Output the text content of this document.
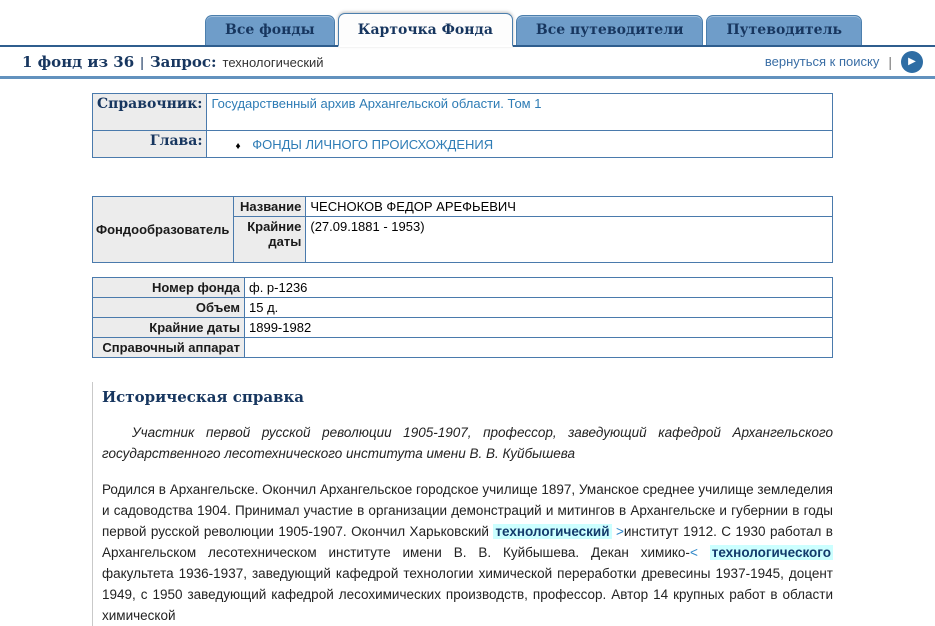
Все фонды	Карточка Фонда	Все путеводители	Путеводитель
1 фонд из 36 | Запрос: технологический	вернуться к поиску |	▶
Справочник:	Государственный архив Архангельской области. Том 1
Глава:	♦ ФОНДЫ ЛИЧНОГО ПРОИСХОЖДЕНИЯ
Фондообразователь	Название	ЧЕСНОКОВ ФЕДОР АРЕФЬЕВИЧ
	Крайние даты	(27.09.1881 - 1953)
Номер фонда	ф. р-1236
Объем	15 д.
Крайние даты	1899-1982
Справочный аппарат	
Историческая справка

Участник первой русской революции 1905-1907, профессор, заведующий кафедрой Архангельского государственного лесотехнического института имени В. В. Куйбышева

Родился в Архангельске. Окончил Архангельское городское училище 1897, Уманское среднее училище земледелия и садоводства 1904. Принимал участие в организации демонстраций и митингов в Архангельске и губернии в годы первой русской революции 1905-1907. Окончил Харьковский технологический >институт 1912. С 1930 работал в Архангельском лесотехническом институте имени В. В. Куйбышева. Декан химико-< технологического факультета 1936-1937, заведующий кафедрой технологии химической переработки древесины 1937-1945, доцент 1949, с 1950 заведующий кафедрой лесохимических производств, профессор. Автор 14 крупных работ в области химической
